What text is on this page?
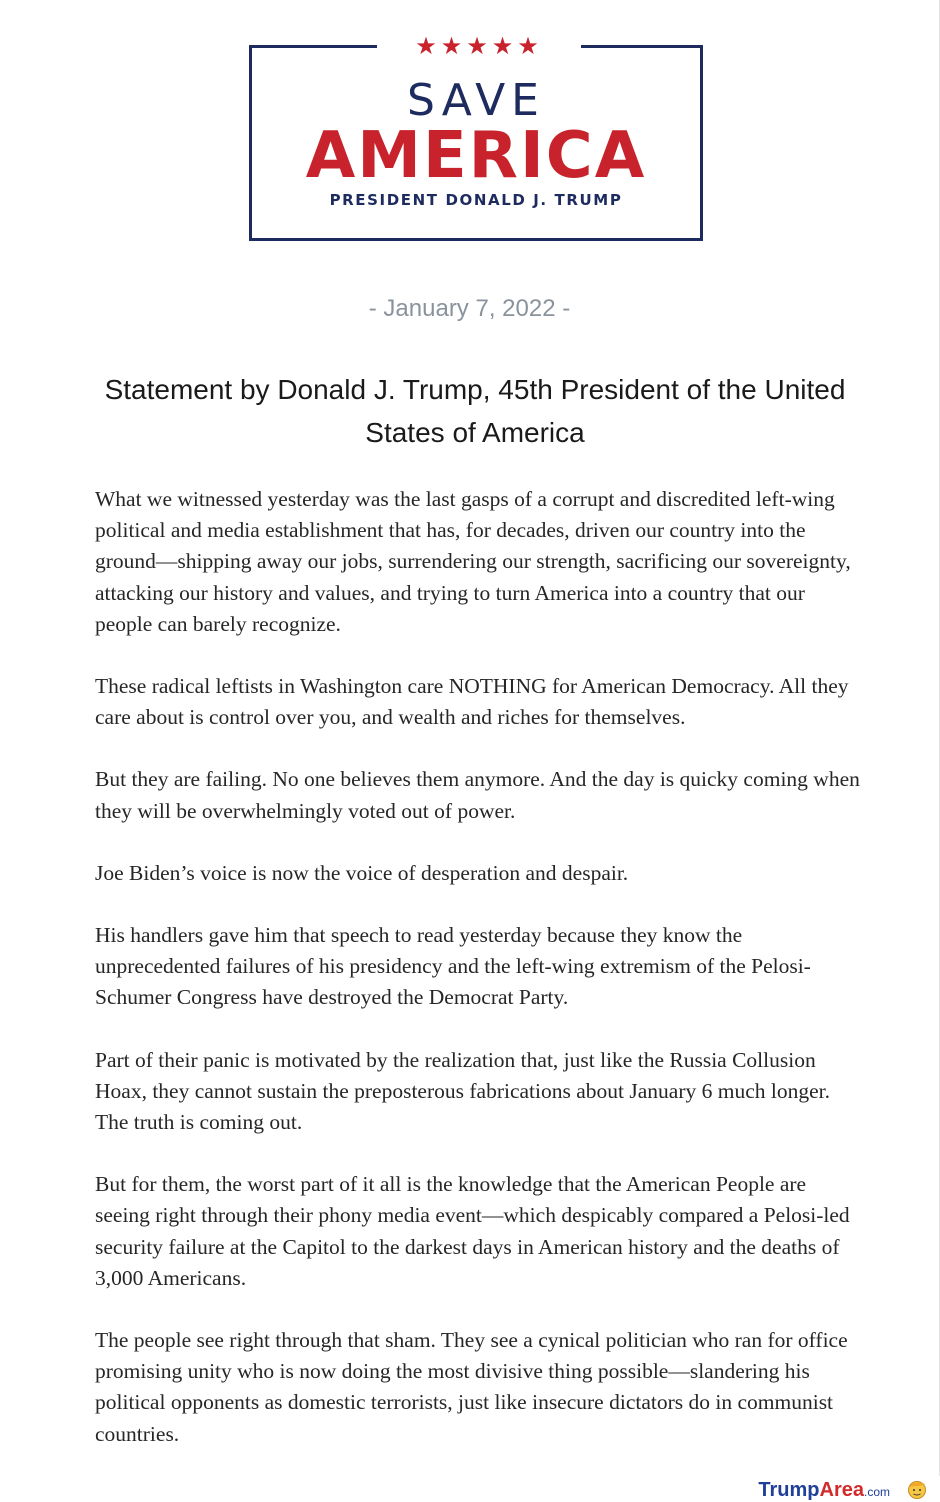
★★★★★
SAVE
AMERICA
PRESIDENT DONALD J. TRUMP
- January 7, 2022 -
Statement by Donald J. Trump, 45th President of the United States of America

What we witnessed yesterday was the last gasps of a corrupt and discredited left-wing political and media establishment that has, for decades, driven our country into the ground—shipping away our jobs, surrendering our strength, sacrificing our sovereignty, attacking our history and values, and trying to turn America into a country that our people can barely recognize.

These radical leftists in Washington care NOTHING for American Democracy. All they care about is control over you, and wealth and riches for themselves.

But they are failing. No one believes them anymore. And the day is quicky coming when they will be overwhelmingly voted out of power.

Joe Biden’s voice is now the voice of desperation and despair.

His handlers gave him that speech to read yesterday because they know the unprecedented failures of his presidency and the left-wing extremism of the Pelosi-Schumer Congress have destroyed the Democrat Party.

Part of their panic is motivated by the realization that, just like the Russia Collusion Hoax, they cannot sustain the preposterous fabrications about January 6 much longer. The truth is coming out.

But for them, the worst part of it all is the knowledge that the American People are seeing right through their phony media event—which despicably compared a Pelosi-led security failure at the Capitol to the darkest days in American history and the deaths of 3,000 Americans.

The people see right through that sham. They see a cynical politician who ran for office promising unity who is now doing the most divisive thing possible—slandering his political opponents as domestic terrorists, just like insecure dictators do in communist countries.

TrumpArea.com
